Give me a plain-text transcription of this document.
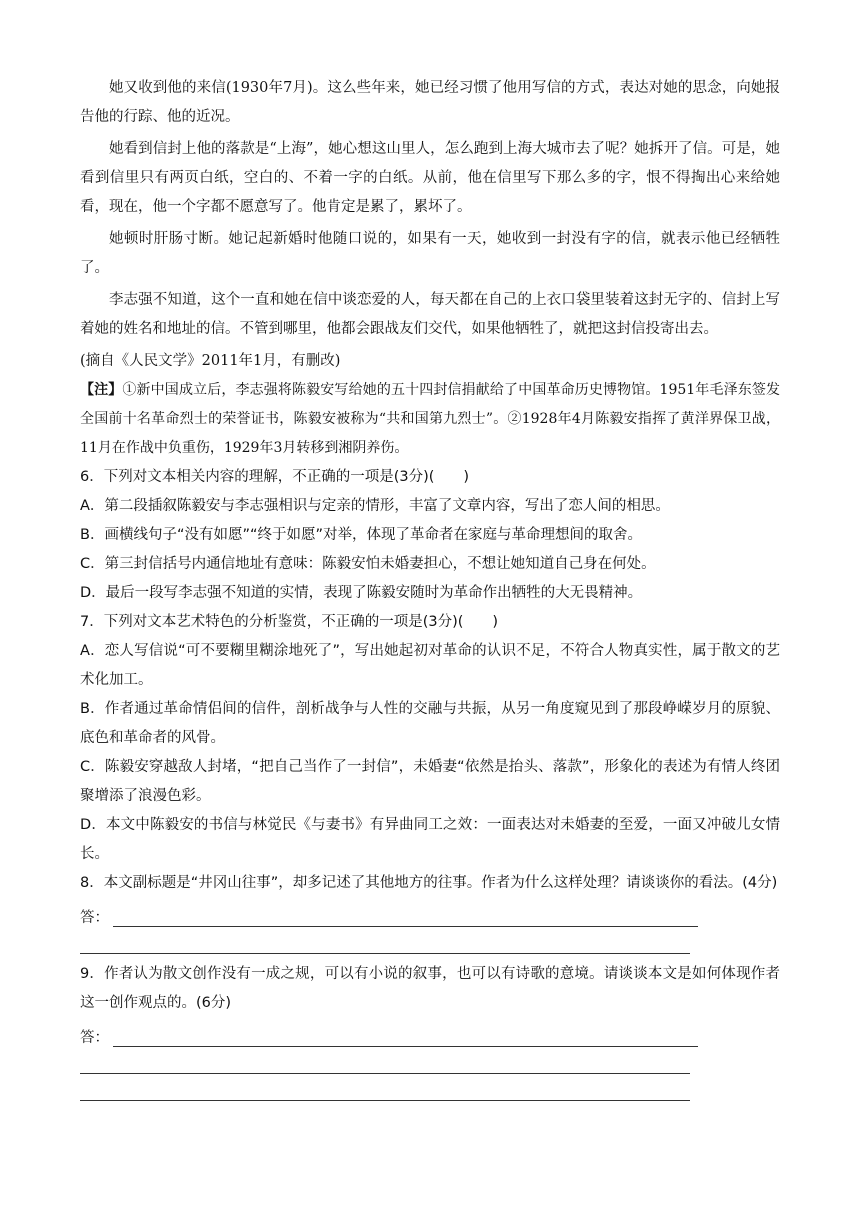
她又收到他的来信(1930年7月)。这么些年来，她已经习惯了他用写信的方式，表达对她的思念，向她报告他的行踪、他的近况。

她看到信封上他的落款是“上海”，她心想这山里人，怎么跑到上海大城市去了呢？她拆开了信。可是，她看到信里只有两页白纸，空白的、不着一字的白纸。从前，他在信里写下那么多的字，恨不得掏出心来给她看，现在，他一个字都不愿意写了。他肯定是累了，累坏了。

她顿时肝肠寸断。她记起新婚时他随口说的，如果有一天，她收到一封没有字的信，就表示他已经牺牲了。

李志强不知道，这个一直和她在信中谈恋爱的人，每天都在自己的上衣口袋里装着这封无字的、信封上写着她的姓名和地址的信。不管到哪里，他都会跟战友们交代，如果他牺牲了，就把这封信投寄出去。

(摘自《人民文学》2011年1月，有删改)

【注】①新中国成立后，李志强将陈毅安写给她的五十四封信捐献给了中国革命历史博物馆。1951年毛泽东签发全国前十名革命烈士的荣誉证书，陈毅安被称为“共和国第九烈士”。②1928年4月陈毅安指挥了黄洋界保卫战，11月在作战中负重伤，1929年3月转移到湘阴养伤。

6．下列对文本相关内容的理解，不正确的一项是(3分)(　　)

A．第二段插叙陈毅安与李志强相识与定亲的情形，丰富了文章内容，写出了恋人间的相思。

B．画横线句子“没有如愿”“终于如愿”对举，体现了革命者在家庭与革命理想间的取舍。

C．第三封信括号内通信地址有意味：陈毅安怕未婚妻担心，不想让她知道自己身在何处。

D．最后一段写李志强不知道的实情，表现了陈毅安随时为革命作出牺牲的大无畏精神。

7．下列对文本艺术特色的分析鉴赏，不正确的一项是(3分)(　　)

A．恋人写信说“可不要糊里糊涂地死了”，写出她起初对革命的认识不足，不符合人物真实性，属于散文的艺术化加工。

B．作者通过革命情侣间的信件，剖析战争与人性的交融与共振，从另一角度窥见到了那段峥嵘岁月的原貌、底色和革命者的风骨。

C．陈毅安穿越敌人封堵，“把自己当作了一封信”，未婚妻“依然是抬头、落款”，形象化的表述为有情人终团聚增添了浪漫色彩。

D．本文中陈毅安的书信与林觉民《与妻书》有异曲同工之效：一面表达对未婚妻的至爱，一面又冲破儿女情长。

8．本文副标题是“井冈山往事”，却多记述了其他地方的往事。作者为什么这样处理？请谈谈你的看法。(4分)

答：

9．作者认为散文创作没有一成之规，可以有小说的叙事，也可以有诗歌的意境。请谈谈本文是如何体现作者这一创作观点的。(6分)

答：
